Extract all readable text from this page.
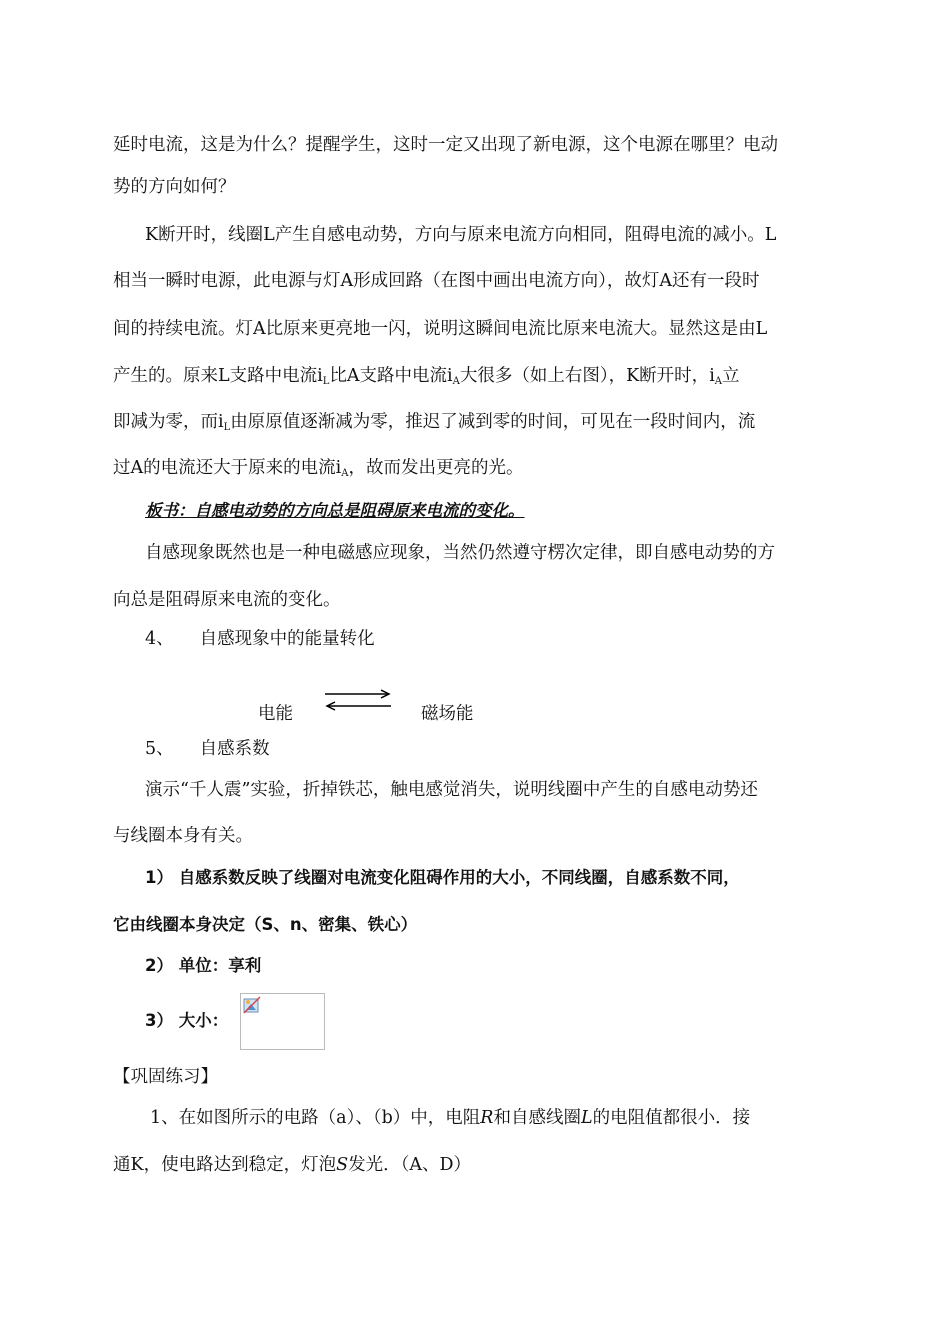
延时电流，这是为什么？提醒学生，这时一定又出现了新电源，这个电源在哪里？电动
势的方向如何？
K断开时，线圈L产生自感电动势，方向与原来电流方向相同，阻碍电流的减小。L
相当一瞬时电源，此电源与灯A形成回路（在图中画出电流方向），故灯A还有一段时
间的持续电流。灯A比原来更亮地一闪，说明这瞬间电流比原来电流大。显然这是由L
产生的。原来L支路中电流$i_L$比A支路中电流$i_A$大很多（如上右图），K断开时，$i_A$立
即减为零，而$i_L$由原原值逐渐减为零，推迟了减到零的时间，可见在一段时间内，流
过A的电流还大于原来的电流$i_A$，故而发出更亮的光。
板书：自感电动势的方向总是阻碍原来电流的变化。
自感现象既然也是一种电磁感应现象，当然仍然遵守楞次定律，即自感电动势的方
向总是阻碍原来电流的变化。
4、 自感现象中的能量转化
电能	磁场能
5、 自感系数
演示“千人震”实验，折掉铁芯，触电感觉消失，说明线圈中产生的自感电动势还
与线圈本身有关。
1） 自感系数反映了线圈对电流变化阻碍作用的大小，不同线圈，自感系数不同，
它由线圈本身决定（S、n、密集、铁心）
2） 单位：享利
3） 大小：
【巩固练习】
1、在如图所示的电路（a）、（b）中，电阻R和自感线圈L的电阻值都很小．接
通K，使电路达到稳定，灯泡S发光．（A、D）
